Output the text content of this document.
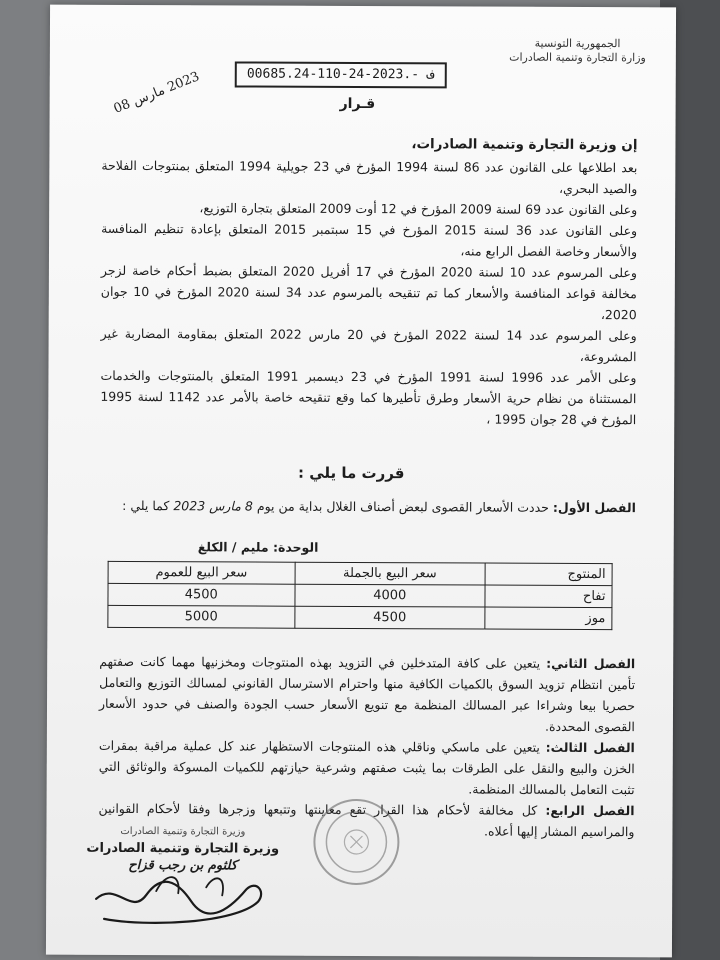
الجمهورية التونسية
وزارة التجارة وتنمية الصادرات
00685.24-110-24-2023.- ف
قـرار
2023 مارس 08
إن وزيرة التجارة وتنمية الصادرات،

بعد اطلاعها على القانون عدد 86 لسنة 1994 المؤرخ في 23 جويلية 1994 المتعلق بمنتوجات الفلاحة والصيد البحري،

وعلى القانون عدد 69 لسنة 2009 المؤرخ في 12 أوت 2009 المتعلق بتجارة التوزيع،

وعلى القانون عدد 36 لسنة 2015 المؤرخ في 15 سبتمبر 2015 المتعلق بإعادة تنظيم المنافسة والأسعار وخاصة الفصل الرابع منه،

وعلى المرسوم عدد 10 لسنة 2020 المؤرخ في 17 أفريل 2020 المتعلق بضبط أحكام خاصة لزجر مخالفة قواعد المنافسة والأسعار كما تم تنقيحه بالمرسوم عدد 34 لسنة 2020 المؤرخ في 10 جوان 2020،

وعلى المرسوم عدد 14 لسنة 2022 المؤرخ في 20 مارس 2022 المتعلق بمقاومة المضاربة غير المشروعة،

وعلى الأمر عدد 1996 لسنة 1991 المؤرخ في 23 ديسمبر 1991 المتعلق بالمنتوجات والخدمات المستثناة من نظام حرية الأسعار وطرق تأطيرها كما وقع تنقيحه خاصة بالأمر عدد 1142 لسنة 1995 المؤرخ في 28 جوان 1995 ،

قررت ما يلي :
الفصل الأول: حددت الأسعار القصوى لبعض أصناف الغلال بداية من يوم 8 مارس 2023 كما يلي :
الوحدة: مليم / الكلغ
المنتوج	سعر البيع بالجملة	سعر البيع للعموم
تفاح	4000	4500
موز	4500	5000

الفصل الثاني: يتعين على كافة المتدخلين في التزويد بهذه المنتوجات ومخزنيها مهما كانت صفتهم تأمين انتظام تزويد السوق بالكميات الكافية منها واحترام الاسترسال القانوني لمسالك التوزيع والتعامل حصريا بيعا وشراءا عبر المسالك المنظمة مع تنويع الأسعار حسب الجودة والصنف في حدود الأسعار القصوى المحددة.

الفصل الثالث: يتعين على ماسكي وناقلي هذه المنتوجات الاستظهار عند كل عملية مراقبة بمقرات الخزن والبيع والنقل على الطرقات بما يثبت صفتهم وشرعية حيازتهم للكميات المسوكة والوثائق التي تثبت التعامل بالمسالك المنظمة.

الفصل الرابع: كل مخالفة لأحكام هذا القرار تقع معاينتها وتتبعها وزجرها وفقا لأحكام القوانين والمراسيم المشار إليها أعلاه.

وزيرة التجارة وتنمية الصادرات
وزيرة التجارة وتنمية الصادرات
كلثوم بن رجب قزاح
